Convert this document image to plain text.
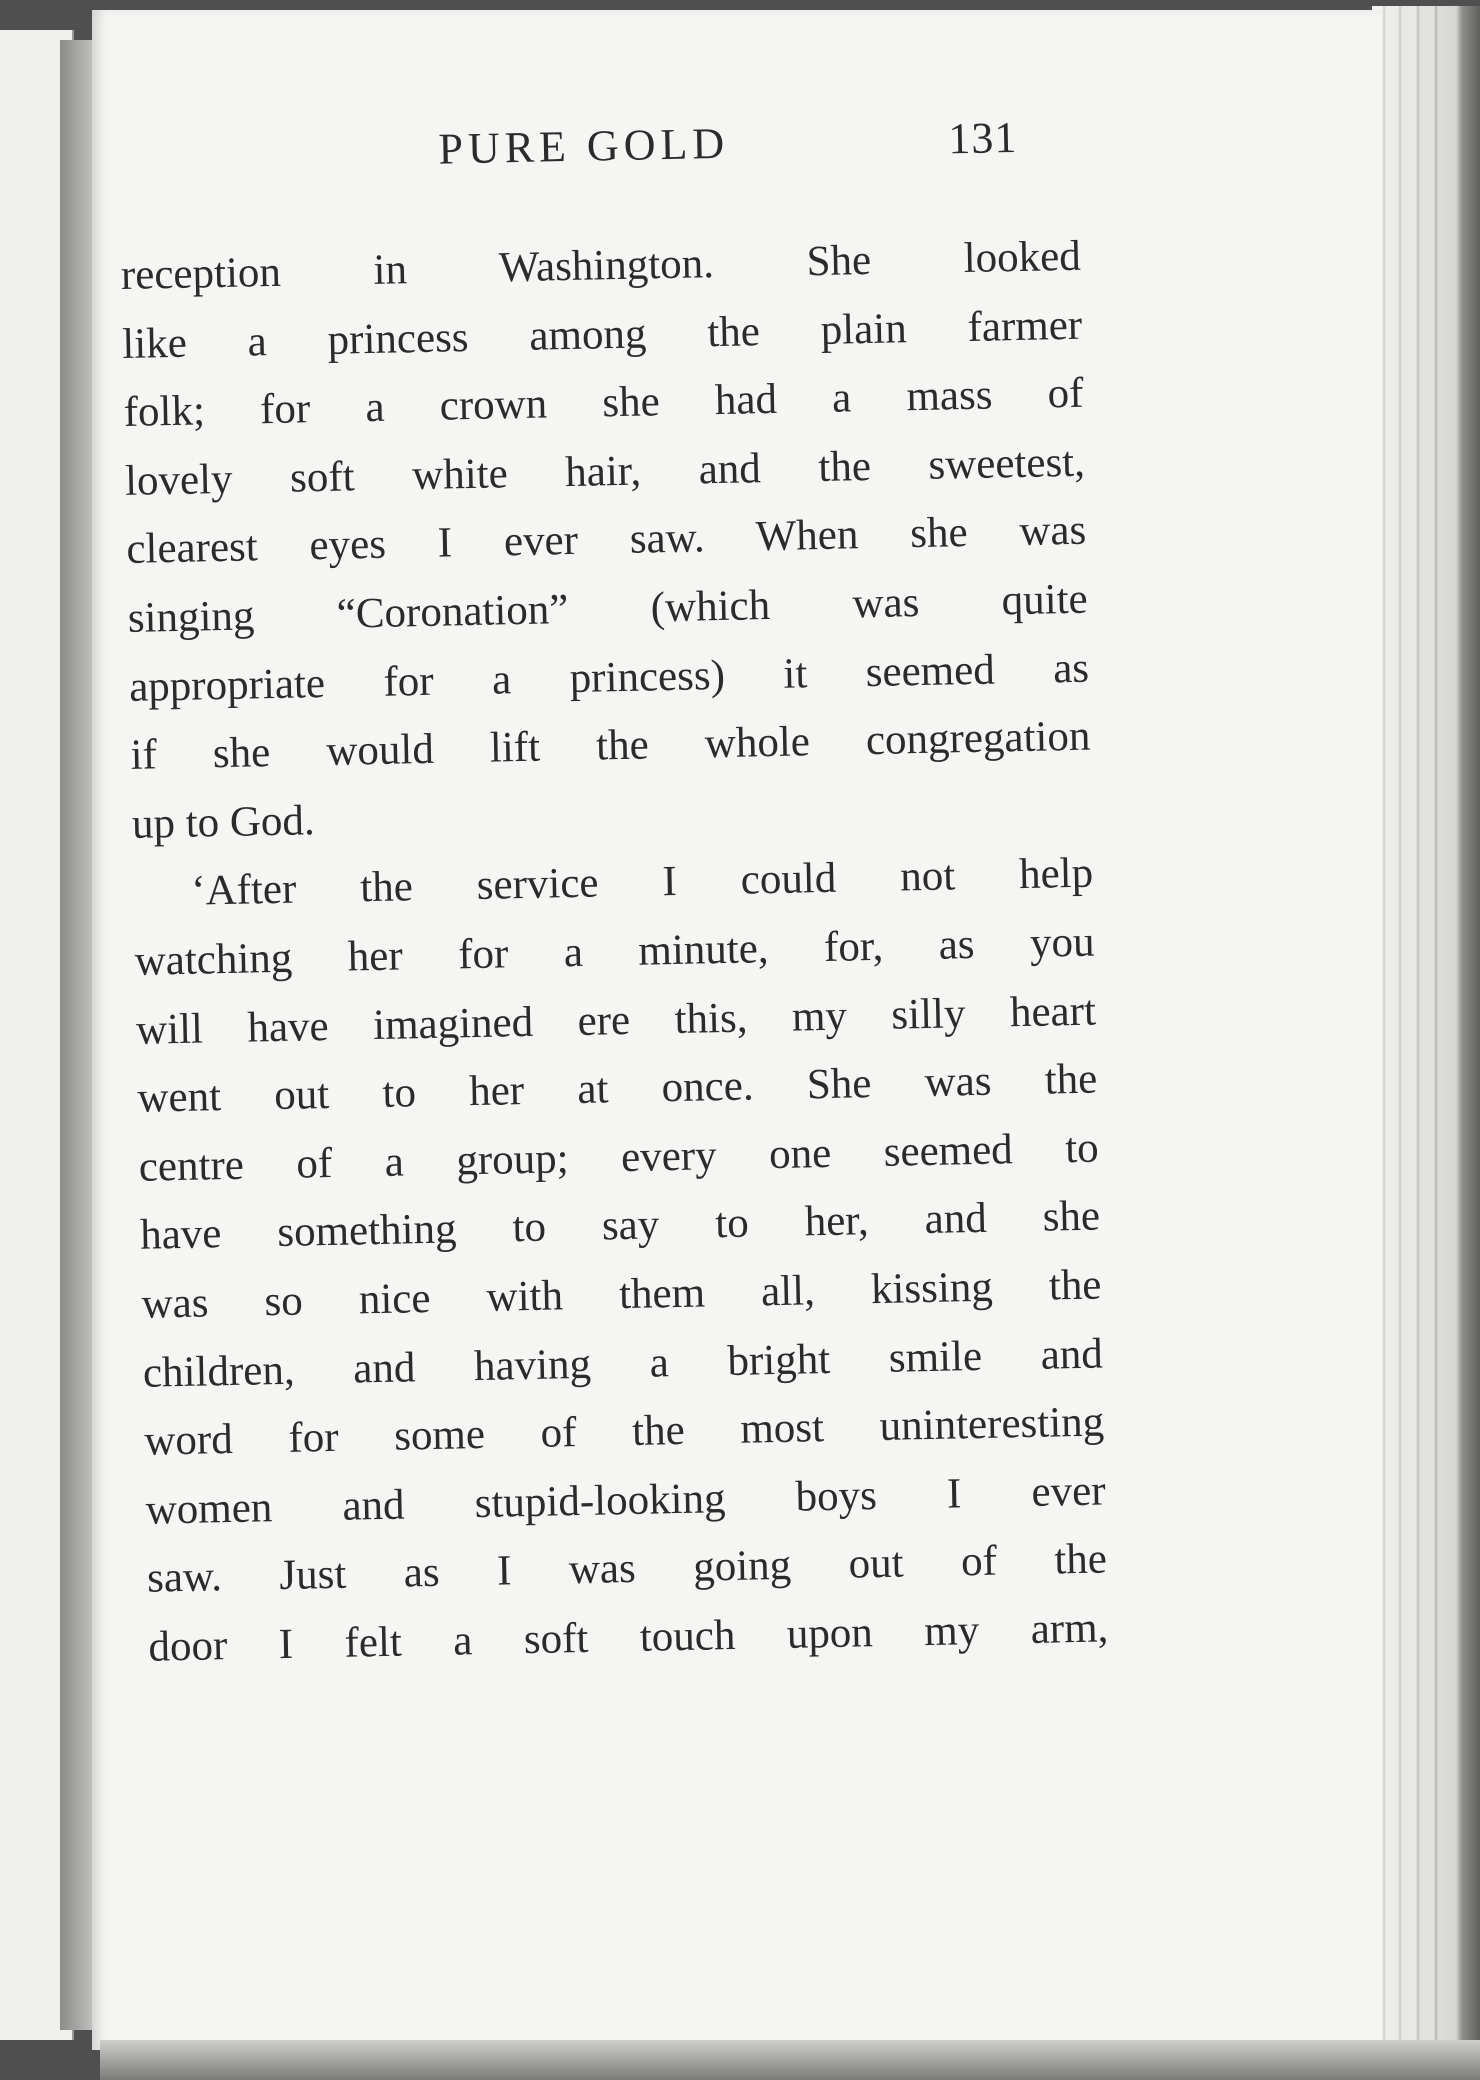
PURE GOLD	131
reception in Washington. She looked
like a princess among the plain farmer
folk; for a crown she had a mass of
lovely soft white hair, and the sweetest,
clearest eyes I ever saw. When she was
singing “Coronation” (which was quite
appropriate for a princess) it seemed as
if she would lift the whole congregation
up to God.
‘After the service I could not help
watching her for a minute, for, as you
will have imagined ere this, my silly heart
went out to her at once. She was the
centre of a group; every one seemed to
have something to say to her, and she
was so nice with them all, kissing the
children, and having a bright smile and
word for some of the most uninteresting
women and stupid-looking boys I ever
saw. Just as I was going out of the
door I felt a soft touch upon my arm,
